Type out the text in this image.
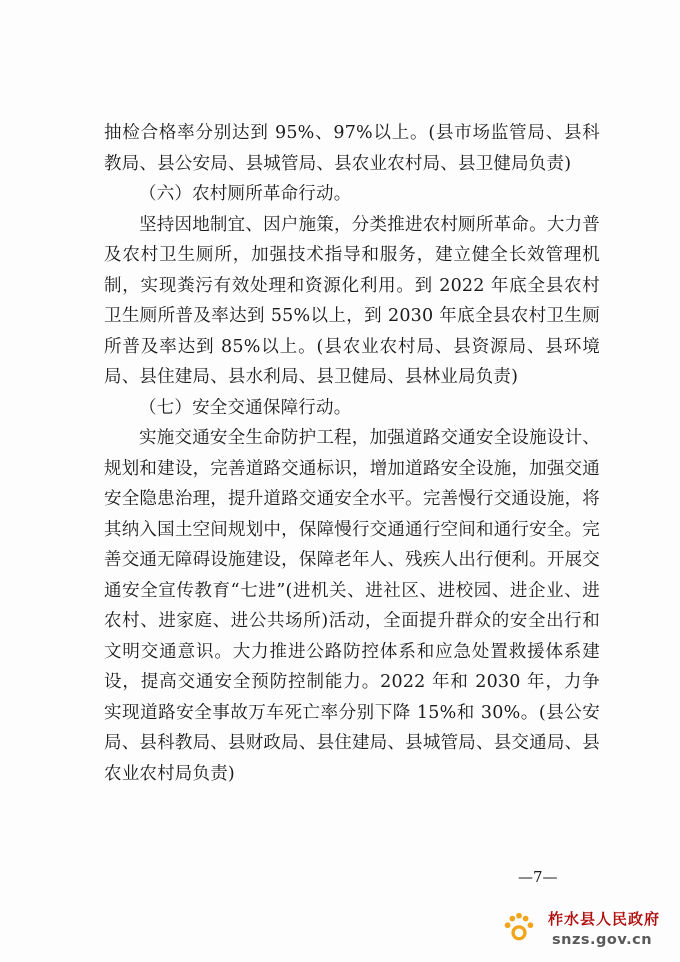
抽检合格率分别达到 95%、97%以上。(县市场监管局、县科教局、县公安局、县城管局、县农业农村局、县卫健局负责)

（六）农村厕所革命行动。

坚持因地制宜、因户施策，分类推进农村厕所革命。大力普及农村卫生厕所，加强技术指导和服务，建立健全长效管理机制，实现粪污有效处理和资源化利用。到 2022 年底全县农村卫生厕所普及率达到 55%以上，到 2030 年底全县农村卫生厕所普及率达到 85%以上。(县农业农村局、县资源局、县环境局、县住建局、县水利局、县卫健局、县林业局负责)

（七）安全交通保障行动。

实施交通安全生命防护工程，加强道路交通安全设施设计、规划和建设，完善道路交通标识，增加道路安全设施，加强交通安全隐患治理，提升道路交通安全水平。完善慢行交通设施，将其纳入国土空间规划中，保障慢行交通通行空间和通行安全。完善交通无障碍设施建设，保障老年人、残疾人出行便利。开展交通安全宣传教育“七进”(进机关、进社区、进校园、进企业、进农村、进家庭、进公共场所)活动，全面提升群众的安全出行和文明交通意识。大力推进公路防控体系和应急处置救援体系建设，提高交通安全预防控制能力。2022 年和 2030 年，力争实现道路安全事故万车死亡率分别下降 15%和 30%。(县公安局、县科教局、县财政局、县住建局、县城管局、县交通局、县农业农村局负责)

—7—
柞水县人民政府
snzs.gov.cn
